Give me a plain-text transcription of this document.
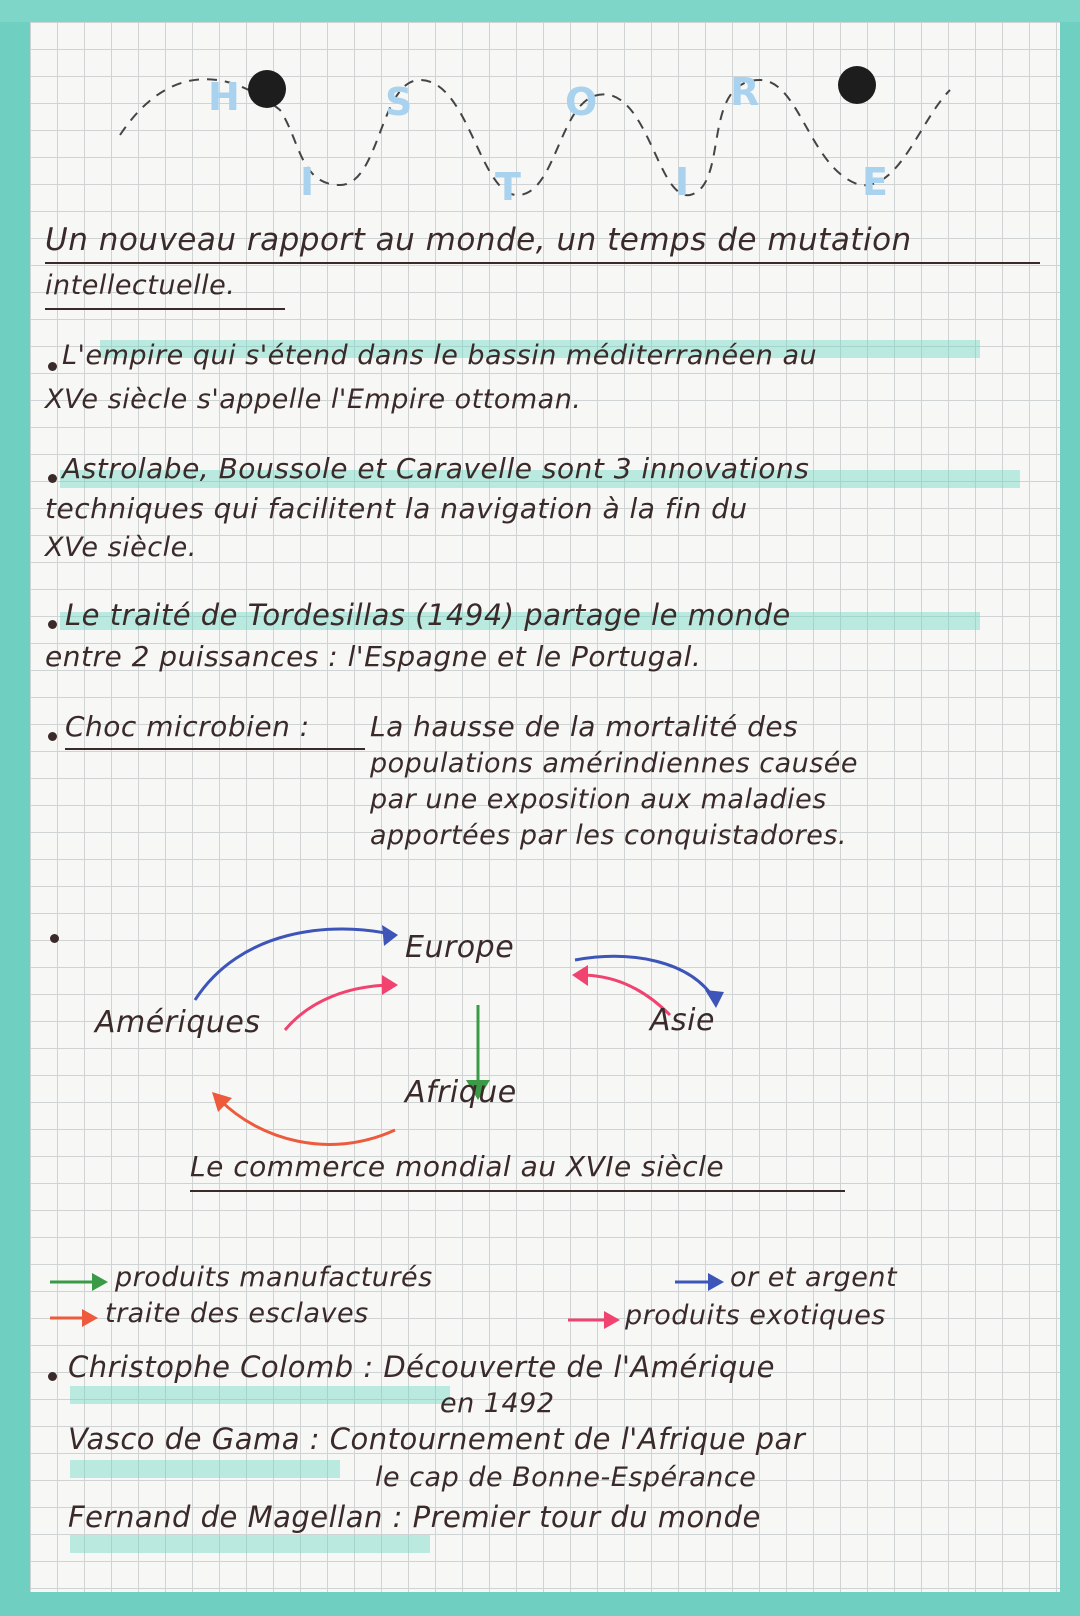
H
I
S
T
O
I
R
E
Un nouveau rapport au monde, un temps de mutation
intellectuelle.
L'empire qui s'étend dans le bassin méditerranéen au
XVe siècle s'appelle l'Empire ottoman.
Astrolabe, Boussole et Caravelle sont 3 innovations
techniques qui facilitent la navigation à la fin du
XVe siècle.
Le traité de Tordesillas (1494) partage le monde
entre 2 puissances : l'Espagne et le Portugal.
Choc microbien : La hausse de la mortalité des
populations amérindiennes causée
par une exposition aux maladies
apportées par les conquistadores.
Europe
Amériques	Asie
Afrique
Le commerce mondial au XVIe siècle
produits manufacturés
traite des esclaves
or et argent
produits exotiques
Christophe Colomb : Découverte de l'Amérique
en 1492
Vasco de Gama : Contournement de l'Afrique par
le cap de Bonne-Espérance
Fernand de Magellan : Premier tour du monde
